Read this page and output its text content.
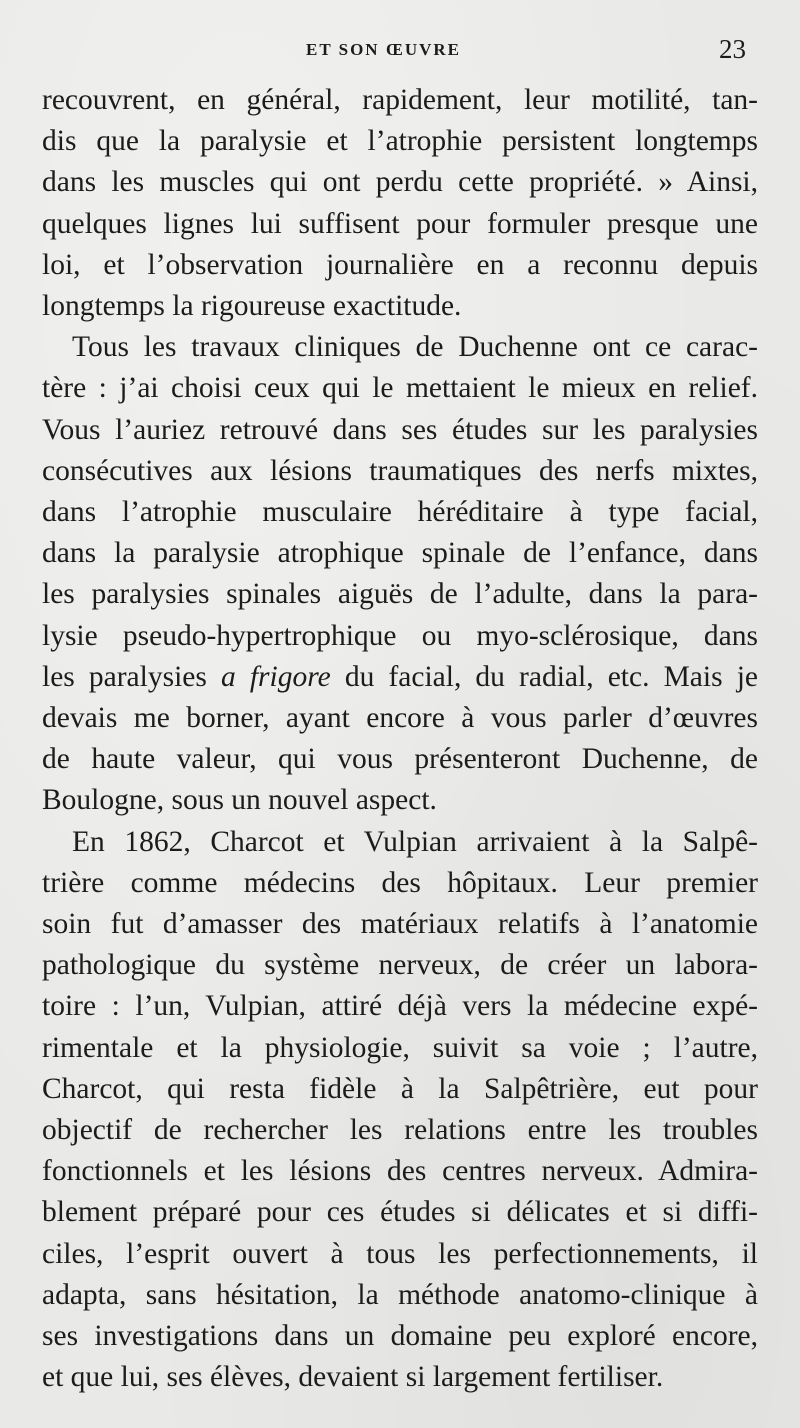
ET SON ŒUVRE	23

recouvrent, en général, rapidement, leur motilité, tan-
dis que la paralysie et l’atrophie persistent longtemps
dans les muscles qui ont perdu cette propriété. » Ainsi,
quelques lignes lui suffisent pour formuler presque une
loi, et l’observation journalière en a reconnu depuis
longtemps la rigoureuse exactitude.

Tous les travaux cliniques de Duchenne ont ce carac-
tère : j’ai choisi ceux qui le mettaient le mieux en relief.
Vous l’auriez retrouvé dans ses études sur les paralysies
consécutives aux lésions traumatiques des nerfs mixtes,
dans l’atrophie musculaire héréditaire à type facial,
dans la paralysie atrophique spinale de l’enfance, dans
les paralysies spinales aiguës de l’adulte, dans la para-
lysie pseudo-hypertrophique ou myo-sclérosique, dans
les paralysies a frigore du facial, du radial, etc. Mais je
devais me borner, ayant encore à vous parler d’œuvres
de haute valeur, qui vous présenteront Duchenne, de
Boulogne, sous un nouvel aspect.

En 1862, Charcot et Vulpian arrivaient à la Salpê-
trière comme médecins des hôpitaux. Leur premier
soin fut d’amasser des matériaux relatifs à l’anatomie
pathologique du système nerveux, de créer un labora-
toire : l’un, Vulpian, attiré déjà vers la médecine expé-
rimentale et la physiologie, suivit sa voie ; l’autre,
Charcot, qui resta fidèle à la Salpêtrière, eut pour
objectif de rechercher les relations entre les troubles
fonctionnels et les lésions des centres nerveux. Admira-
blement préparé pour ces études si délicates et si diffi-
ciles, l’esprit ouvert à tous les perfectionnements, il
adapta, sans hésitation, la méthode anatomo-clinique à
ses investigations dans un domaine peu exploré encore,
et que lui, ses élèves, devaient si largement fertiliser.
